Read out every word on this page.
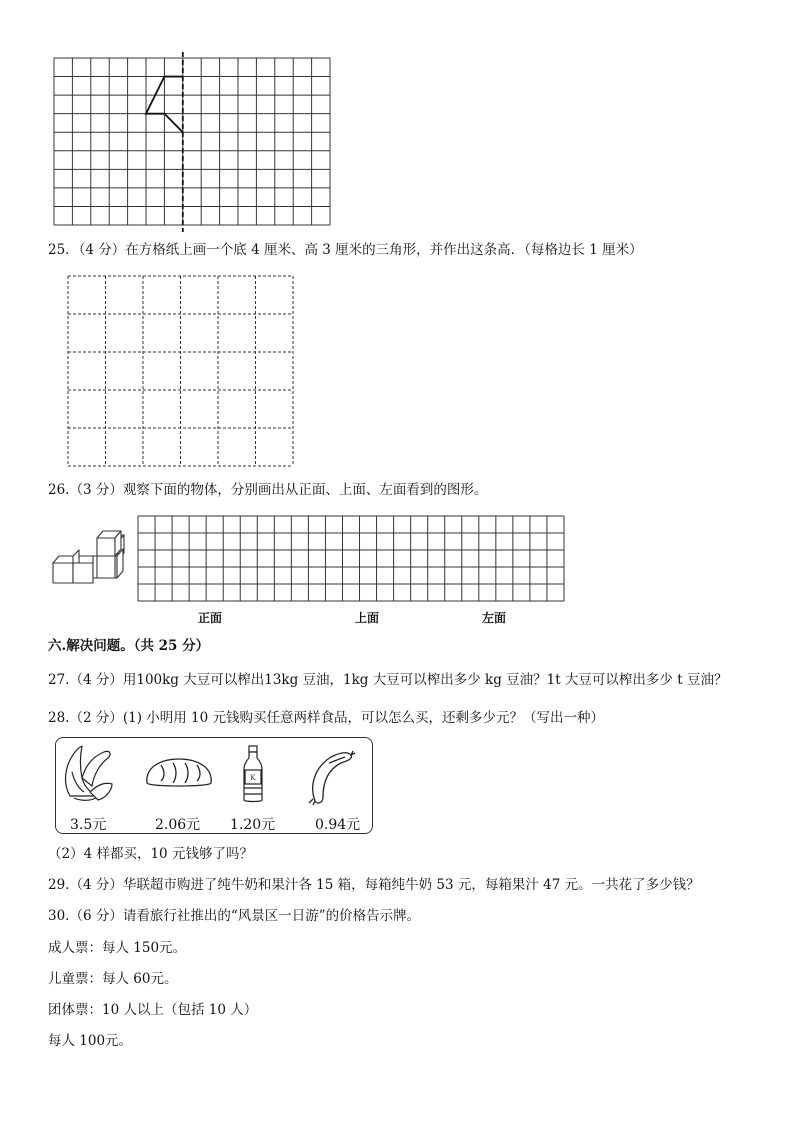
25．（4 分）在方格纸上画一个底 4 厘米、高 3 厘米的三角形，并作出这条高．（每格边长 1 厘米）
26.（3 分）观察下面的物体，分别画出从正面、上面、左面看到的图形。
正面	上面	左面
六.解决问题。（共 25 分）
27.（4 分）用100kg 大豆可以榨出13kg 豆油，1kg 大豆可以榨出多少 kg 豆油？1t 大豆可以榨出多少 t 豆油？
28.（2 分）(1) 小明用 10 元钱购买任意两样食品，可以怎么买，还剩多少元？（写出一种）
K
3.5元	2.06元 1.20元	0.94元
（2）4 样都买，10 元钱够了吗？
29.（4 分）华联超市购进了纯牛奶和果汁各 15 箱，每箱纯牛奶 53 元，每箱果汁 47 元。一共花了多少钱？
30.（6 分）请看旅行社推出的“风景区一日游”的价格告示牌。
成人票：每人 150元。
儿童票：每人 60元。
团体票：10 人以上（包括 10 人）
每人 100元。
